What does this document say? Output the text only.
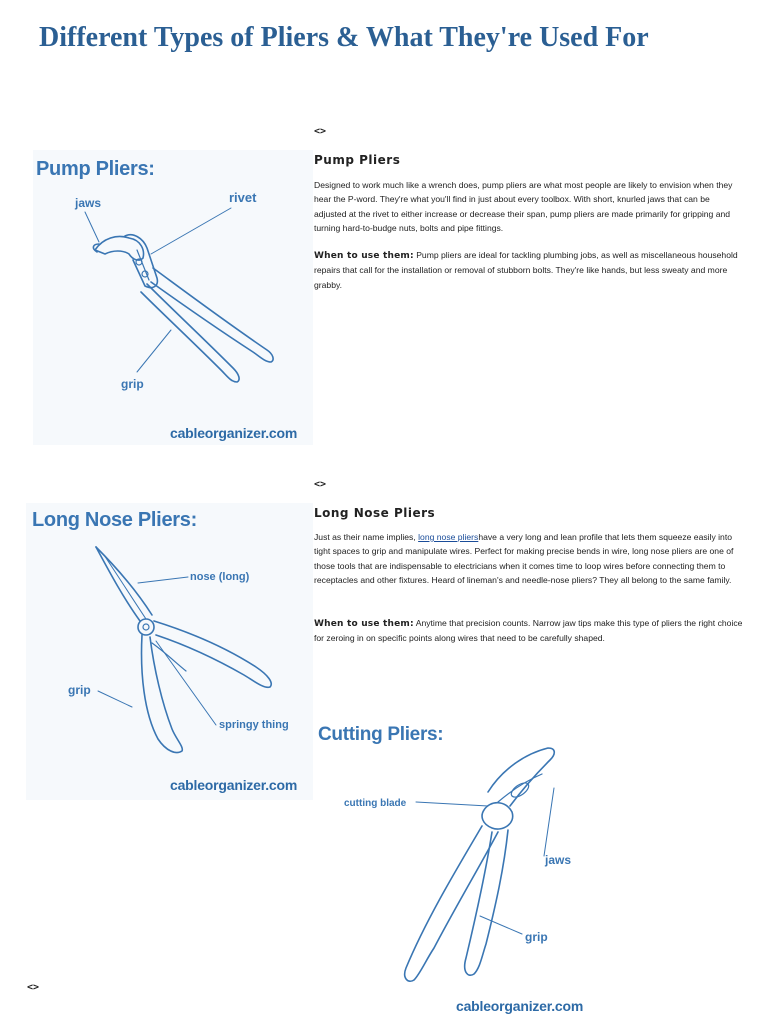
Different Types of Pliers & What They're Used For
<>
Pump Pliers

Designed to work much like a wrench does, pump pliers are what most people are likely to envision when they hear the P-word. They're what you'll find in just about every toolbox. With short, knurled jaws that can be adjusted at the rivet to either increase or decrease their span, pump pliers are made primarily for gripping and turning hard-to-budge nuts, bolts and pipe fittings.

When to use them: Pump pliers are ideal for tackling plumbing jobs, as well as miscellaneous household repairs that call for the installation or removal of stubborn bolts. They're like hands, but less sweaty and more grabby.

Pump Pliers:
jaws	rivet
grip
cableorganizer.com
<>
Long Nose Pliers

Just as their name implies, long nose pliershave a very long and lean profile that lets them squeeze easily into tight spaces to grip and manipulate wires. Perfect for making precise bends in wire, long nose pliers are one of those tools that are indispensable to electricians when it comes time to loop wires before connecting them to receptacles and other fixtures. Heard of lineman's and needle-nose pliers? They all belong to the same family.

When to use them: Anytime that precision counts. Narrow jaw tips make this type of pliers the right choice for zeroing in on specific points along wires that need to be carefully shaped.

Long Nose Pliers:
nose (long)
grip
springy thing
cableorganizer.com
Cutting Pliers:
cutting blade
jaws
grip
cableorganizer.com
<>
